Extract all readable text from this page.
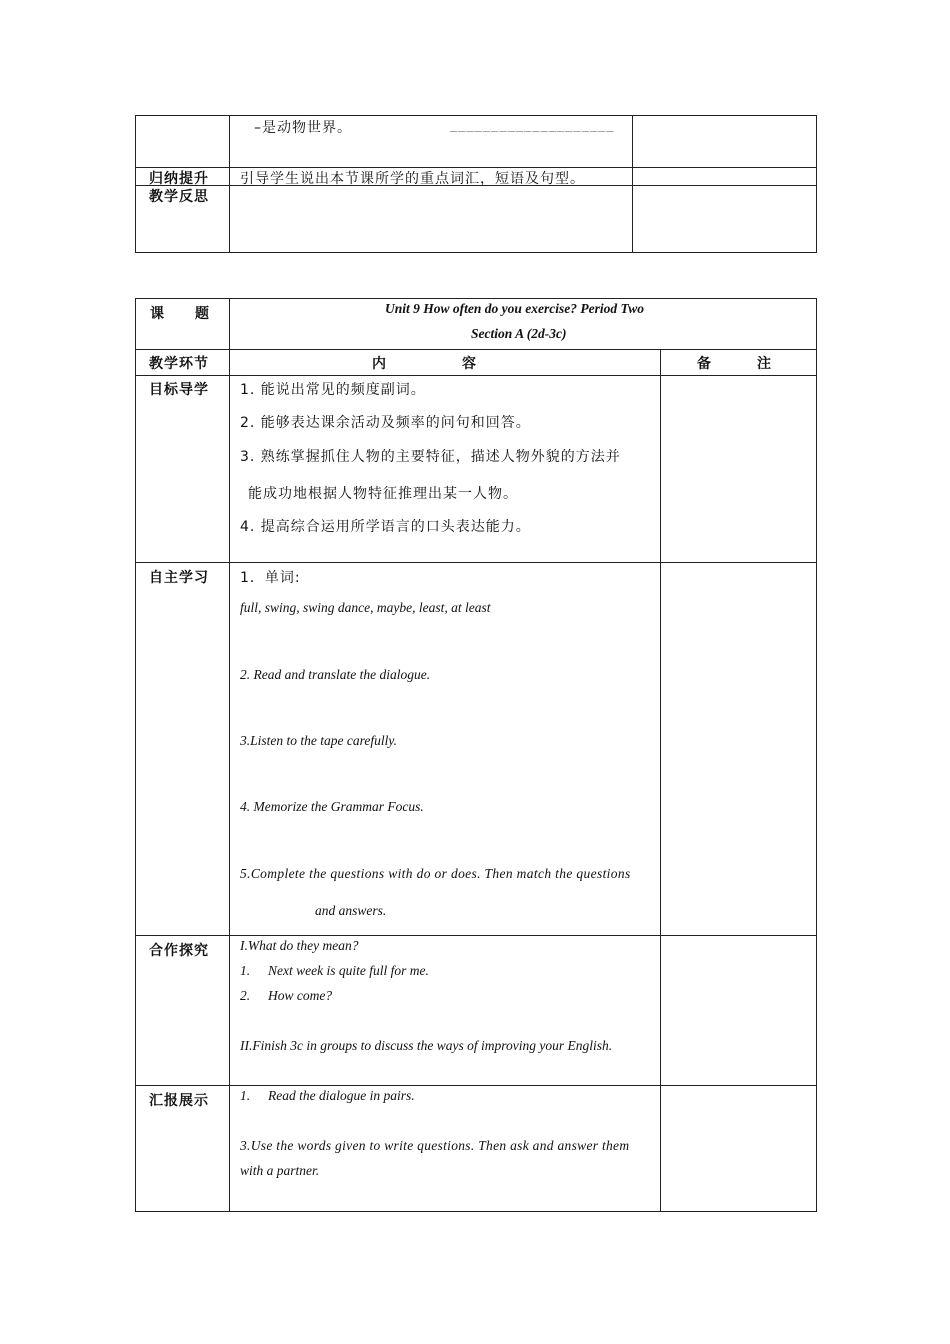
–是动物世界。	____________________
归纳提升 引导学生说出本节课所学的重点词汇，短语及句型。
教学反思
课　　题	Unit 9 How often do you exercise? Period Two
Section A (2d-3c)
教学环节	内　　　　　容	备　　　注
目标导学 1. 能说出常见的频度副词。
2. 能够表达课余活动及频率的问句和回答。
3. 熟练掌握抓住人物的主要特征，描述人物外貌的方法并
能成功地根据人物特征推理出某一人物。
4. 提高综合运用所学语言的口头表达能力。
自主学习 1．单词:
full, swing, swing dance, maybe, least, at least
2. Read and translate the dialogue.
3.Listen to the tape carefully.
4. Memorize the Grammar Focus.
5.Complete the questions with do or does. Then match the questions
and answers.
合作探究 I.What do they mean?
1. Next week is quite full for me.
2. How come?
II.Finish 3c in groups to discuss the ways of improving your English.
汇报展示 1. Read the dialogue in pairs.
3.Use the words given to write questions. Then ask and answer them
with a partner.
